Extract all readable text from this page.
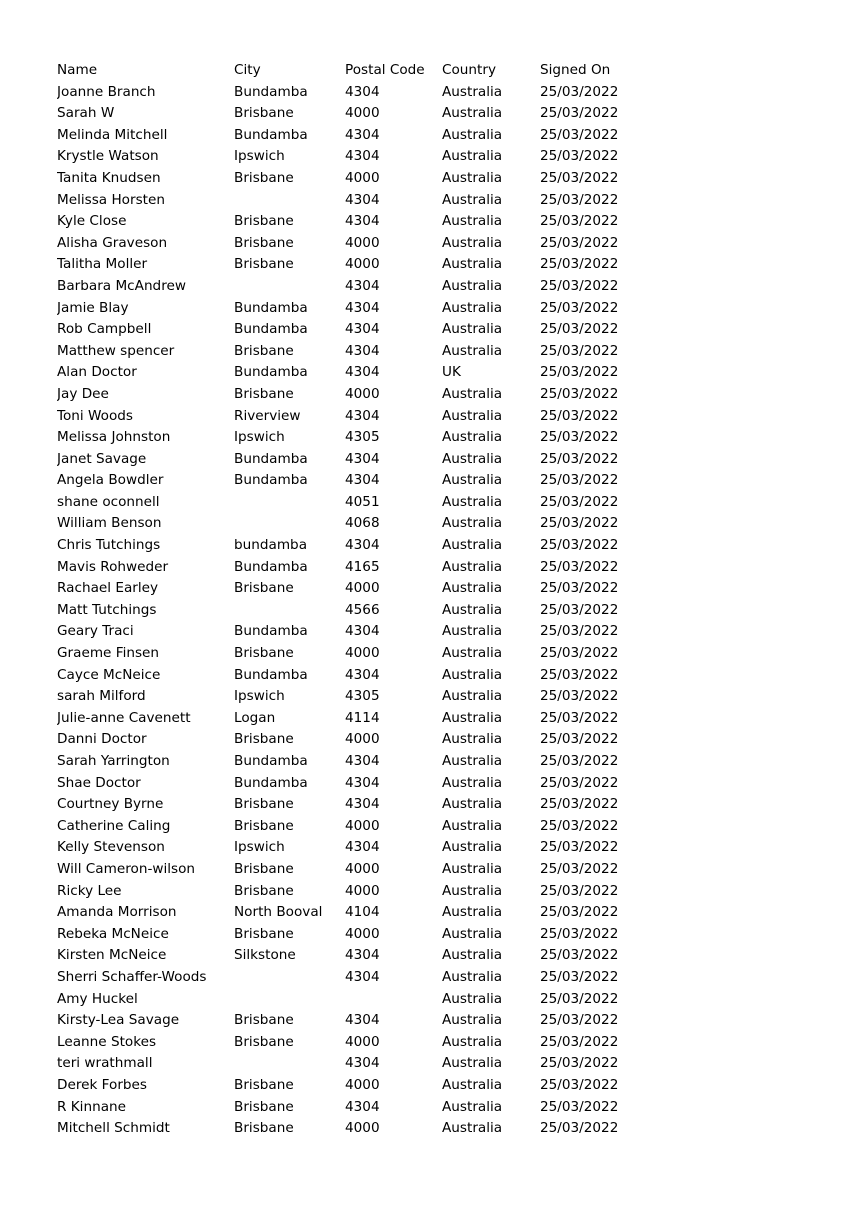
Name	City	Postal Code	Country	Signed On
Joanne Branch	Bundamba	4304	Australia	25/03/2022
Sarah W	Brisbane	4000	Australia	25/03/2022
Melinda Mitchell	Bundamba	4304	Australia	25/03/2022
Krystle Watson	Ipswich	4304	Australia	25/03/2022
Tanita Knudsen	Brisbane	4000	Australia	25/03/2022
Melissa Horsten		4304	Australia	25/03/2022
Kyle Close	Brisbane	4304	Australia	25/03/2022
Alisha Graveson	Brisbane	4000	Australia	25/03/2022
Talitha Moller	Brisbane	4000	Australia	25/03/2022
Barbara McAndrew		4304	Australia	25/03/2022
Jamie Blay	Bundamba	4304	Australia	25/03/2022
Rob Campbell	Bundamba	4304	Australia	25/03/2022
Matthew spencer	Brisbane	4304	Australia	25/03/2022
Alan Doctor	Bundamba	4304	UK	25/03/2022
Jay Dee	Brisbane	4000	Australia	25/03/2022
Toni Woods	Riverview	4304	Australia	25/03/2022
Melissa Johnston	Ipswich	4305	Australia	25/03/2022
Janet Savage	Bundamba	4304	Australia	25/03/2022
Angela Bowdler	Bundamba	4304	Australia	25/03/2022
shane oconnell		4051	Australia	25/03/2022
William Benson		4068	Australia	25/03/2022
Chris Tutchings	bundamba	4304	Australia	25/03/2022
Mavis Rohweder	Bundamba	4165	Australia	25/03/2022
Rachael Earley	Brisbane	4000	Australia	25/03/2022
Matt Tutchings		4566	Australia	25/03/2022
Geary Traci	Bundamba	4304	Australia	25/03/2022
Graeme Finsen	Brisbane	4000	Australia	25/03/2022
Cayce McNeice	Bundamba	4304	Australia	25/03/2022
sarah Milford	Ipswich	4305	Australia	25/03/2022
Julie-anne Cavenett	Logan	4114	Australia	25/03/2022
Danni Doctor	Brisbane	4000	Australia	25/03/2022
Sarah Yarrington	Bundamba	4304	Australia	25/03/2022
Shae Doctor	Bundamba	4304	Australia	25/03/2022
Courtney Byrne	Brisbane	4304	Australia	25/03/2022
Catherine Caling	Brisbane	4000	Australia	25/03/2022
Kelly Stevenson	Ipswich	4304	Australia	25/03/2022
Will Cameron-wilson	Brisbane	4000	Australia	25/03/2022
Ricky Lee	Brisbane	4000	Australia	25/03/2022
Amanda Morrison	North Booval	4104	Australia	25/03/2022
Rebeka McNeice	Brisbane	4000	Australia	25/03/2022
Kirsten McNeice	Silkstone	4304	Australia	25/03/2022
Sherri Schaffer-Woods		4304	Australia	25/03/2022
Amy Huckel			Australia	25/03/2022
Kirsty-Lea Savage	Brisbane	4304	Australia	25/03/2022
Leanne Stokes	Brisbane	4000	Australia	25/03/2022
teri wrathmall		4304	Australia	25/03/2022
Derek Forbes	Brisbane	4000	Australia	25/03/2022
R Kinnane	Brisbane	4304	Australia	25/03/2022
Mitchell Schmidt	Brisbane	4000	Australia	25/03/2022
